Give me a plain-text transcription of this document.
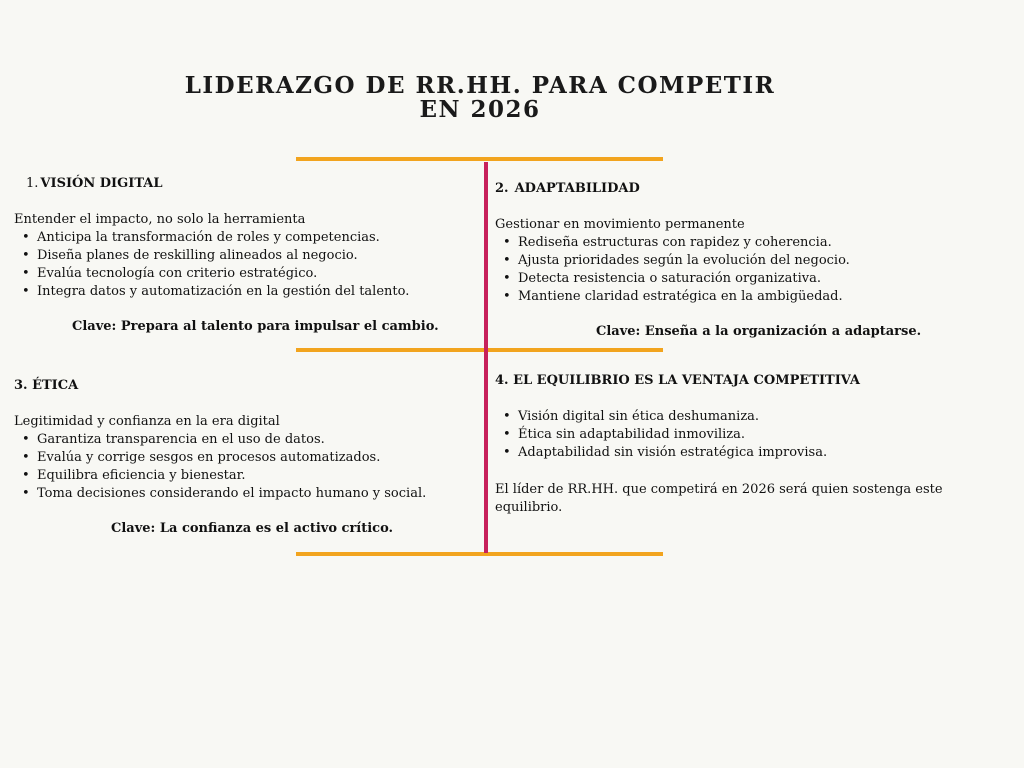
LIDERAZGO DE RR.HH. PARA COMPETIR
EN 2026
1. VISIÓN DIGITAL
Entender el impacto, no solo la herramienta
• Anticipa la transformación de roles y competencias.
• Diseña planes de reskilling alineados al negocio.
• Evalúa tecnología con criterio estratégico.
• Integra datos y automatización en la gestión del talento.
Clave: Prepara al talento para impulsar el cambio.
2. ADAPTABILIDAD
Gestionar en movimiento permanente
• Rediseña estructuras con rapidez y coherencia.
• Ajusta prioridades según la evolución del negocio.
• Detecta resistencia o saturación organizativa.
• Mantiene claridad estratégica en la ambigüedad.
Clave: Enseña a la organización a adaptarse.
3. ÉTICA
Legitimidad y confianza en la era digital
• Garantiza transparencia en el uso de datos.
• Evalúa y corrige sesgos en procesos automatizados.
• Equilibra eficiencia y bienestar.
• Toma decisiones considerando el impacto humano y social.
Clave: La confianza es el activo crítico.
4. EL EQUILIBRIO ES LA VENTAJA COMPETITIVA
• Visión digital sin ética deshumaniza.
• Ética sin adaptabilidad inmoviliza.
• Adaptabilidad sin visión estratégica improvisa.
El líder de RR.HH. que competirá en 2026 será quien sostenga este equilibrio.
